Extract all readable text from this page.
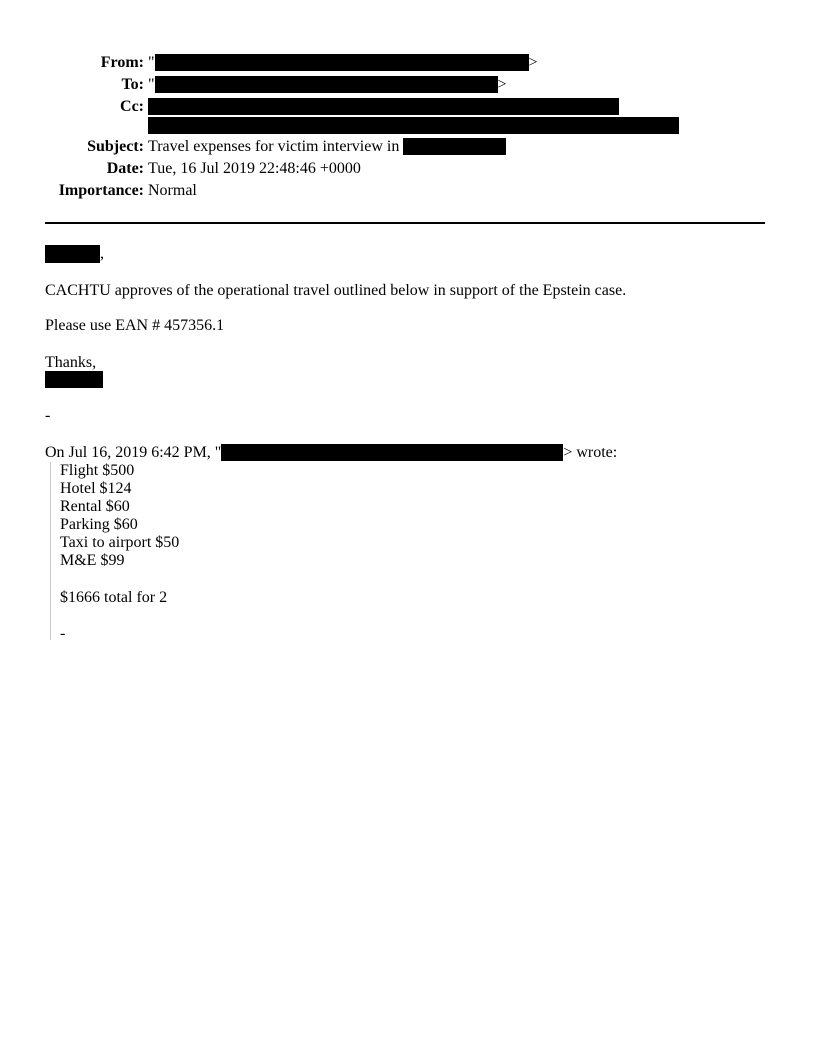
From: "	>
To: "	>
Cc:
Subject: Travel expenses for victim interview in
Date: Tue, 16 Jul 2019 22:48:46 +0000
Importance: Normal
,
CACHTU approves of the operational travel outlined below in support of the Epstein case.
Please use EAN # 457356.1
Thanks,
-
On Jul 16, 2019 6:42 PM, "	> wrote:
Flight $500
Hotel $124
Rental $60
Parking $60
Taxi to airport $50
M&E $99
$1666 total for 2
-
